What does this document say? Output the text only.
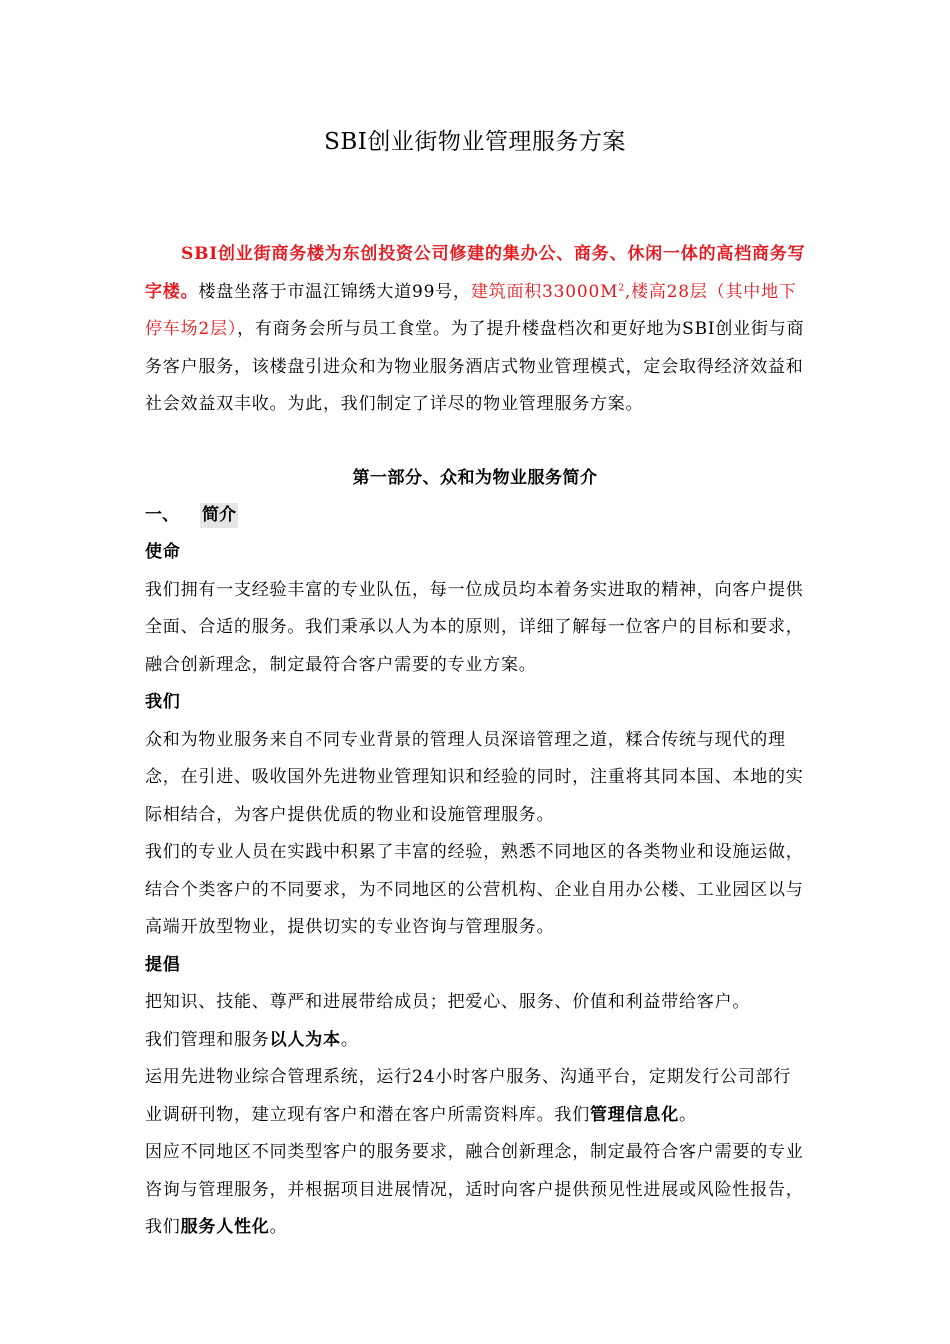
SBI创业街物业管理服务方案
SBI创业街商务楼为东创投资公司修建的集办公、商务、休闲一体的高档商务写字楼。楼盘坐落于市温江锦绣大道99号，建筑面积$33000M^2$,楼高28层（其中地下停车场2层），有商务会所与员工食堂。为了提升楼盘档次和更好地为SBI创业街与商务客户服务，该楼盘引进众和为物业服务酒店式物业管理模式，定会取得经济效益和社会效益双丰收。为此，我们制定了详尽的物业管理服务方案。
第一部分、众和为物业服务简介
一、 简介

使命

我们拥有一支经验丰富的专业队伍，每一位成员均本着务实进取的精神，向客户提供全面、合适的服务。我们秉承以人为本的原则，详细了解每一位客户的目标和要求，融合创新理念，制定最符合客户需要的专业方案。

我们

众和为物业服务来自不同专业背景的管理人员深谙管理之道，糅合传统与现代的理念，在引进、吸收国外先进物业管理知识和经验的同时，注重将其同本国、本地的实际相结合，为客户提供优质的物业和设施管理服务。

我们的专业人员在实践中积累了丰富的经验，熟悉不同地区的各类物业和设施运做，结合个类客户的不同要求，为不同地区的公营机构、企业自用办公楼、工业园区以与高端开放型物业，提供切实的专业咨询与管理服务。

提倡

把知识、技能、尊严和进展带给成员；把爱心、服务、价值和利益带给客户。

我们管理和服务以人为本。

运用先进物业综合管理系统，运行24小时客户服务、沟通平台，定期发行公司部行业调研刊物，建立现有客户和潜在客户所需资料库。我们管理信息化。

因应不同地区不同类型客户的服务要求，融合创新理念，制定最符合客户需要的专业咨询与管理服务，并根据项目进展情况，适时向客户提供预见性进展或风险性报告，我们服务人性化。
